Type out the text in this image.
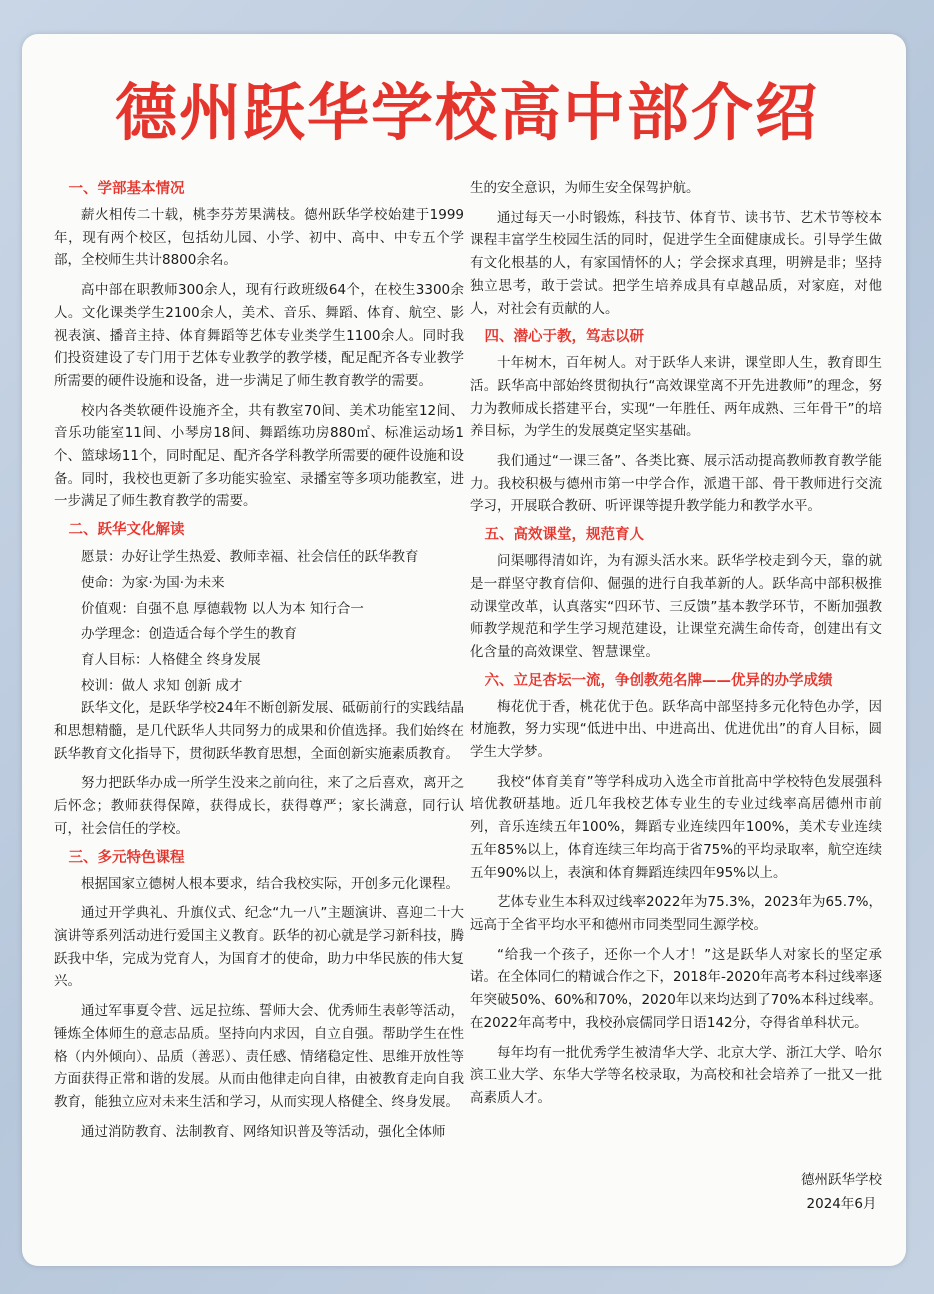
德州跃华学校高中部介绍
一、学部基本情况

薪火相传二十载，桃李芬芳果满枝。德州跃华学校始建于1999年，现有两个校区，包括幼儿园、小学、初中、高中、中专五个学部，全校师生共计8800余名。

高中部在职教师300余人，现有行政班级64个，在校生3300余人。文化课类学生2100余人，美术、音乐、舞蹈、体育、航空、影视表演、播音主持、体育舞蹈等艺体专业类学生1100余人。同时我们投资建设了专门用于艺体专业教学的教学楼，配足配齐各专业教学所需要的硬件设施和设备，进一步满足了师生教育教学的需要。

校内各类软硬件设施齐全，共有教室70间、美术功能室12间、音乐功能室11间、小琴房18间、舞蹈练功房880㎡、标准运动场1个、篮球场11个，同时配足、配齐各学科教学所需要的硬件设施和设备。同时，我校也更新了多功能实验室、录播室等多项功能教室，进一步满足了师生教育教学的需要。

二、跃华文化解读

愿景：办好让学生热爱、教师幸福、社会信任的跃华教育

使命：为家·为国·为未来

价值观：自强不息 厚德载物 以人为本 知行合一

办学理念：创造适合每个学生的教育

育人目标：人格健全 终身发展

校训：做人 求知 创新 成才

跃华文化，是跃华学校24年不断创新发展、砥砺前行的实践结晶和思想精髓，是几代跃华人共同努力的成果和价值选择。我们始终在跃华教育文化指导下，贯彻跃华教育思想，全面创新实施素质教育。

努力把跃华办成一所学生没来之前向往，来了之后喜欢，离开之后怀念；教师获得保障，获得成长，获得尊严；家长满意，同行认可，社会信任的学校。

三、多元特色课程

根据国家立德树人根本要求，结合我校实际，开创多元化课程。

通过开学典礼、升旗仪式、纪念“九一八”主题演讲、喜迎二十大演讲等系列活动进行爱国主义教育。跃华的初心就是学习新科技，腾跃我中华，完成为党育人，为国育才的使命，助力中华民族的伟大复兴。

通过军事夏令营、远足拉练、誓师大会、优秀师生表彰等活动，锤炼全体师生的意志品质。坚持向内求因，自立自强。帮助学生在性格（内外倾向）、品质（善恶）、责任感、情绪稳定性、思维开放性等方面获得正常和谐的发展。从而由他律走向自律，由被教育走向自我教育，能独立应对未来生活和学习，从而实现人格健全、终身发展。

通过消防教育、法制教育、网络知识普及等活动，强化全体师

生的安全意识，为师生安全保驾护航。

通过每天一小时锻炼，科技节、体育节、读书节、艺术节等校本课程丰富学生校园生活的同时，促进学生全面健康成长。引导学生做有文化根基的人，有家国情怀的人；学会探求真理，明辨是非；坚持独立思考，敢于尝试。把学生培养成具有卓越品质，对家庭，对他人，对社会有贡献的人。

四、潜心于教，笃志以研

十年树木，百年树人。对于跃华人来讲，课堂即人生，教育即生活。跃华高中部始终贯彻执行“高效课堂离不开先进教师”的理念，努力为教师成长搭建平台，实现“一年胜任、两年成熟、三年骨干”的培养目标，为学生的发展奠定坚实基础。

我们通过“一课三备”、各类比赛、展示活动提高教师教育教学能力。我校积极与德州市第一中学合作，派遣干部、骨干教师进行交流学习，开展联合教研、听评课等提升教学能力和教学水平。

五、高效课堂，规范育人

问渠哪得清如许，为有源头活水来。跃华学校走到今天，靠的就是一群坚守教育信仰、倔强的进行自我革新的人。跃华高中部积极推动课堂改革，认真落实“四环节、三反馈”基本教学环节，不断加强教师教学规范和学生学习规范建设，让课堂充满生命传奇，创建出有文化含量的高效课堂、智慧课堂。

六、立足杏坛一流，争创教苑名牌——优异的办学成绩

梅花优于香，桃花优于色。跃华高中部坚持多元化特色办学，因材施教，努力实现“低进中出、中进高出、优进优出”的育人目标，圆学生大学梦。

我校“体育美育”等学科成功入选全市首批高中学校特色发展强科培优教研基地。近几年我校艺体专业生的专业过线率高居德州市前列，音乐连续五年100%，舞蹈专业连续四年100%，美术专业连续五年85%以上，体育连续三年均高于省75%的平均录取率，航空连续五年90%以上，表演和体育舞蹈连续四年95%以上。

艺体专业生本科双过线率2022年为75.3%，2023年为65.7%，远高于全省平均水平和德州市同类型同生源学校。

“给我一个孩子，还你一个人才！”这是跃华人对家长的坚定承诺。在全体同仁的精诚合作之下，2018年-2020年高考本科过线率逐年突破50%、60%和70%，2020年以来均达到了70%本科过线率。在2022年高考中，我校孙宸儒同学日语142分，夺得省单科状元。

每年均有一批优秀学生被清华大学、北京大学、浙江大学、哈尔滨工业大学、东华大学等名校录取，为高校和社会培养了一批又一批高素质人才。

德州跃华学校
2024年6月
